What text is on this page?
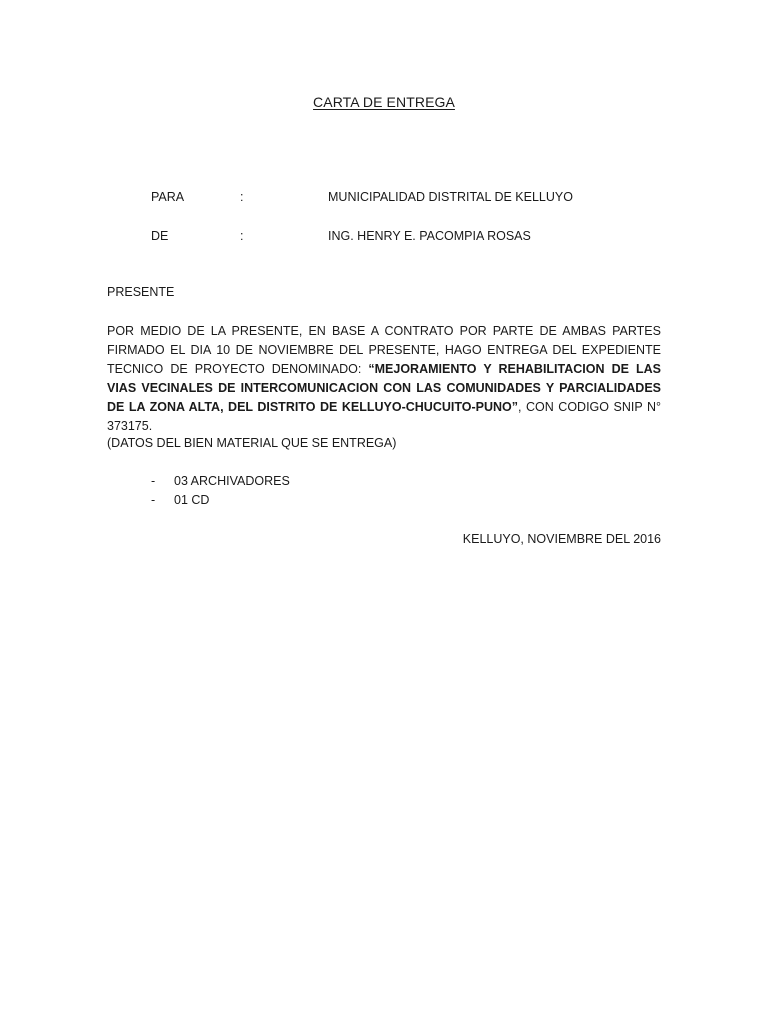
CARTA DE ENTREGA
PARA	:	MUNICIPALIDAD DISTRITAL DE KELLUYO
DE	:	ING. HENRY E. PACOMPIA ROSAS
PRESENTE
POR MEDIO DE LA PRESENTE, EN BASE A CONTRATO POR PARTE DE AMBAS PARTES FIRMADO EL DIA 10 DE NOVIEMBRE DEL PRESENTE, HAGO ENTREGA DEL EXPEDIENTE TECNICO DE PROYECTO DENOMINADO: “MEJORAMIENTO Y REHABILITACION DE LAS VIAS VECINALES DE INTERCOMUNICACION CON LAS COMUNIDADES Y PARCIALIDADES DE LA ZONA ALTA, DEL DISTRITO DE KELLUYO-CHUCUITO-PUNO”, CON CODIGO SNIP N° 373175.
(DATOS DEL BIEN MATERIAL QUE SE ENTREGA)
- 03 ARCHIVADORES
- 01 CD
KELLUYO, NOVIEMBRE DEL 2016
